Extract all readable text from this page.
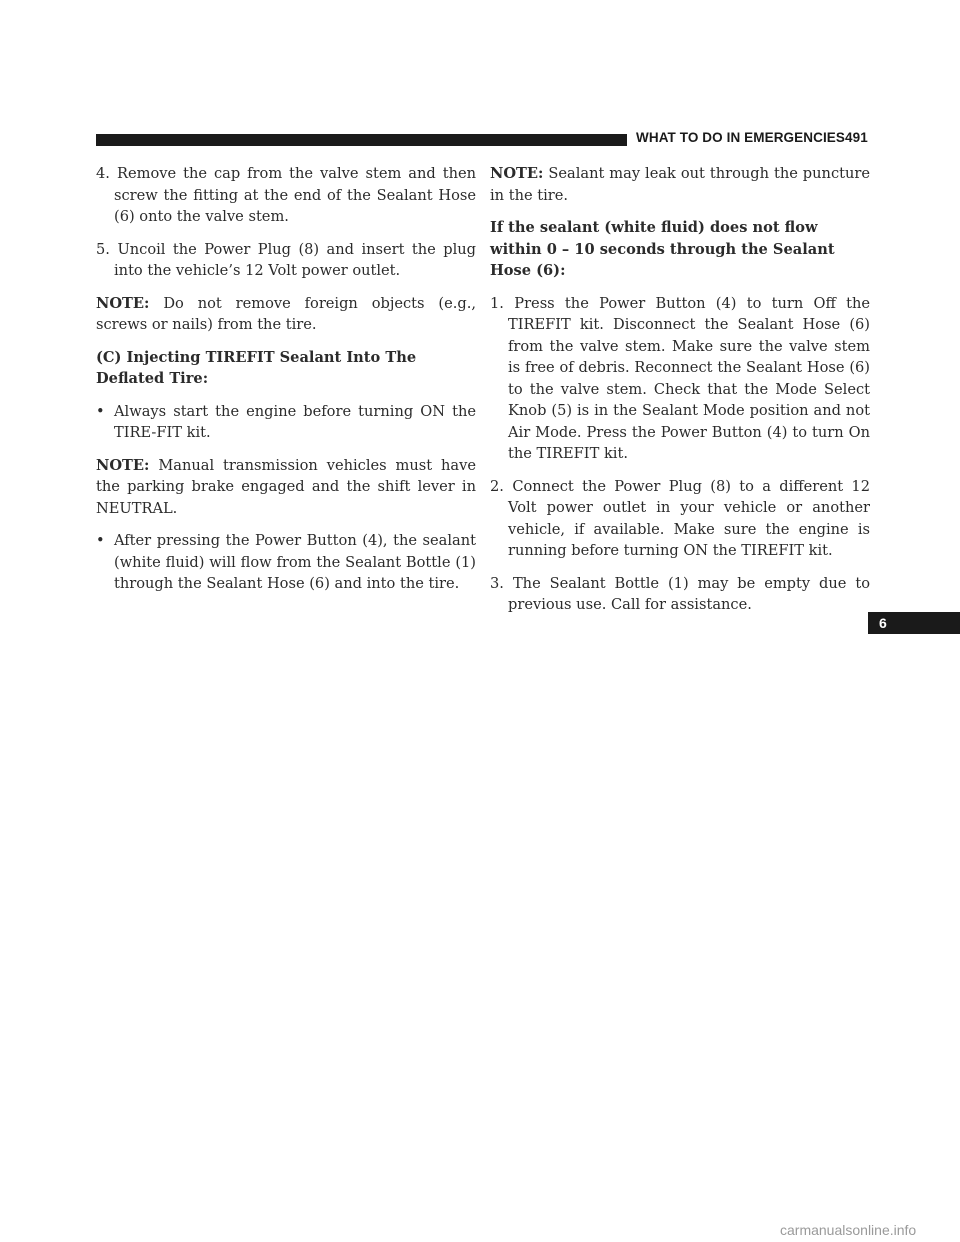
WHAT TO DO IN EMERGENCIES 491

4. Remove the cap from the valve stem and then screw the fitting at the end of the Sealant Hose (6) onto the valve stem.

5. Uncoil the Power Plug (8) and insert the plug into the vehicle’s 12 Volt power outlet.

NOTE: Do not remove foreign objects (e.g., screws or nails) from the tire.

(C) Injecting TIREFIT Sealant Into The Deflated Tire:

• Always start the engine before turning ON the TIRE-FIT kit.

NOTE: Manual transmission vehicles must have the parking brake engaged and the shift lever in NEUTRAL.

• After pressing the Power Button (4), the sealant (white fluid) will flow from the Sealant Bottle (1) through the Sealant Hose (6) and into the tire.

NOTE: Sealant may leak out through the puncture in the tire.

If the sealant (white fluid) does not flow within 0 – 10 seconds through the Sealant Hose (6):

1. Press the Power Button (4) to turn Off the TIREFIT kit. Disconnect the Sealant Hose (6) from the valve stem. Make sure the valve stem is free of debris. Reconnect the Sealant Hose (6) to the valve stem. Check that the Mode Select Knob (5) is in the Sealant Mode position and not Air Mode. Press the Power Button (4) to turn On the TIREFIT kit.

2. Connect the Power Plug (8) to a different 12 Volt power outlet in your vehicle or another vehicle, if available. Make sure the engine is running before turning ON the TIREFIT kit.

3. The Sealant Bottle (1) may be empty due to previous use. Call for assistance.

6
carmanualsonline.info
